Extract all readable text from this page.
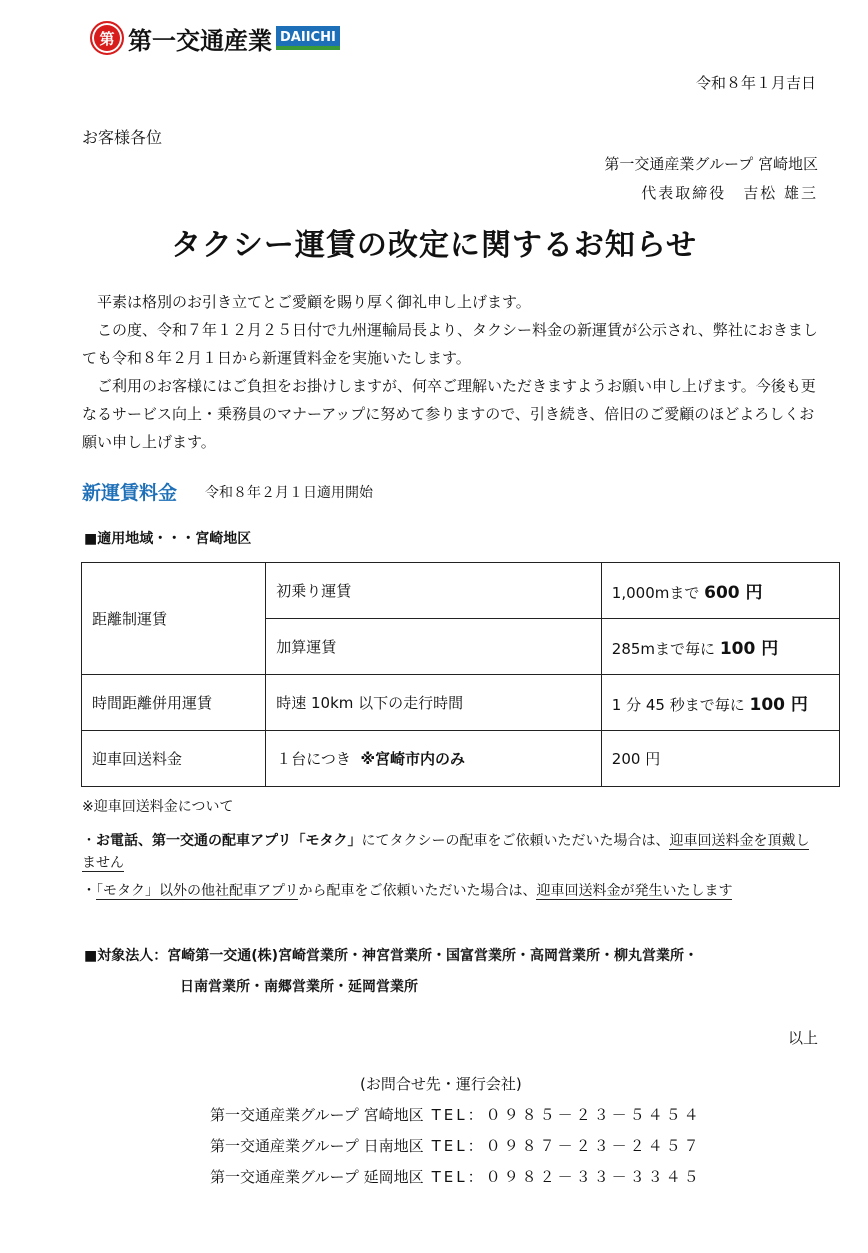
第 第一交通産業 DAIICHI
令和８年１月吉日
お客様各位
第一交通産業グループ 宮崎地区
代表取締役　吉松 雄三
タクシー運賃の改定に関するお知らせ

　平素は格別のお引き立てとご愛顧を賜り厚く御礼申し上げます。

　この度、令和７年１２月２５日付で九州運輸局長より、タクシー料金の新運賃が公示され、弊社におきましても令和８年２月１日から新運賃料金を実施いたします。

　ご利用のお客様にはご負担をお掛けしますが、何卒ご理解いただきますようお願い申し上げます。今後も更なるサービス向上・乗務員のマナーアップに努めて参りますので、引き続き、倍旧のご愛顧のほどよろしくお願い申し上げます。

新運賃料金 令和８年２月１日適用開始
■適用地域・・・宮崎地区
距離制運賃	初乗り運賃	1,000mまで 600 円
	加算運賃	285mまで毎に 100 円
時間距離併用運賃	時速 10km 以下の走行時間	1 分 45 秒まで毎に 100 円
迎車回送料金	１台につき ※宮崎市内のみ	200 円
※迎車回送料金について
・お電話、第一交通の配車アプリ「モタク」にてタクシーの配車をご依頼いただいた場合は、迎車回送料金を頂戴しません
・「モタク」以外の他社配車アプリから配車をご依頼いただいた場合は、迎車回送料金が発生いたします
■対象法人：宮崎第一交通(株)宮崎営業所・神宮営業所・国富営業所・高岡営業所・柳丸営業所・
日南営業所・南郷営業所・延岡営業所
以上
(お問合せ先・運行会社)
第一交通産業グループ 宮崎地区 TEL：０９８５－２３－５４５４
第一交通産業グループ 日南地区 TEL：０９８７－２３－２４５７
第一交通産業グループ 延岡地区 TEL：０９８２－３３－３３４５
